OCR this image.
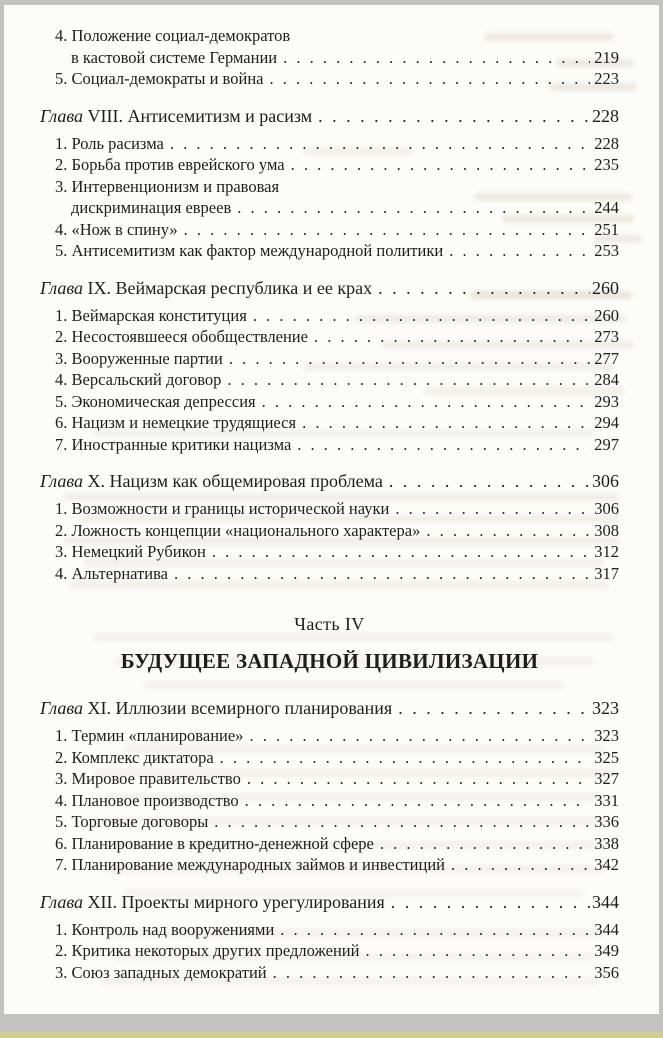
4. Положение социал-демократов
в кастовой системе Германии . . .	219
5. Социал-демократы и война . . .	223
Глава VIII. Антисемитизм и расизм . . .	228
1. Роль расизма . . .	228
2. Борьба против еврейского ума . . .	235
3. Интервенционизм и правовая
дискриминация евреев . . .	244
4. «Нож в спину» . . .	251
5. Антисемитизм как фактор международной политики . . .	253
Глава IX. Веймарская республика и ее крах . . .	260
1. Веймарская конституция . . .	260
2. Несостоявшееся обобществление . . .	273
3. Вооруженные партии . . .	277
4. Версальский договор . . .	284
5. Экономическая депрессия . . .	293
6. Нацизм и немецкие трудящиеся . . .	294
7. Иностранные критики нацизма . . .	297
Глава X. Нацизм как общемировая проблема . . .	306
1. Возможности и границы исторической науки . . .	306
2. Ложность концепции «национального характера» . . .	308
3. Немецкий Рубикон . . .	312
4. Альтернатива . . .	317
Часть IV
БУДУЩЕЕ ЗАПАДНОЙ ЦИВИЛИЗАЦИИ
Глава XI. Иллюзии всемирного планирования . . .	323
1. Термин «планирование» . . .	323
2. Комплекс диктатора . . .	325
3. Мировое правительство . . .	327
4. Плановое производство . . .	331
5. Торговые договоры . . .	336
6. Планирование в кредитно-денежной сфере . . .	338
7. Планирование международных займов и инвестиций . . .	342
Глава XII. Проекты мирного урегулирования . . .	344
1. Контроль над вооружениями . . .	344
2. Критика некоторых других предложений . . .	349
3. Союз западных демократий . . .	356
